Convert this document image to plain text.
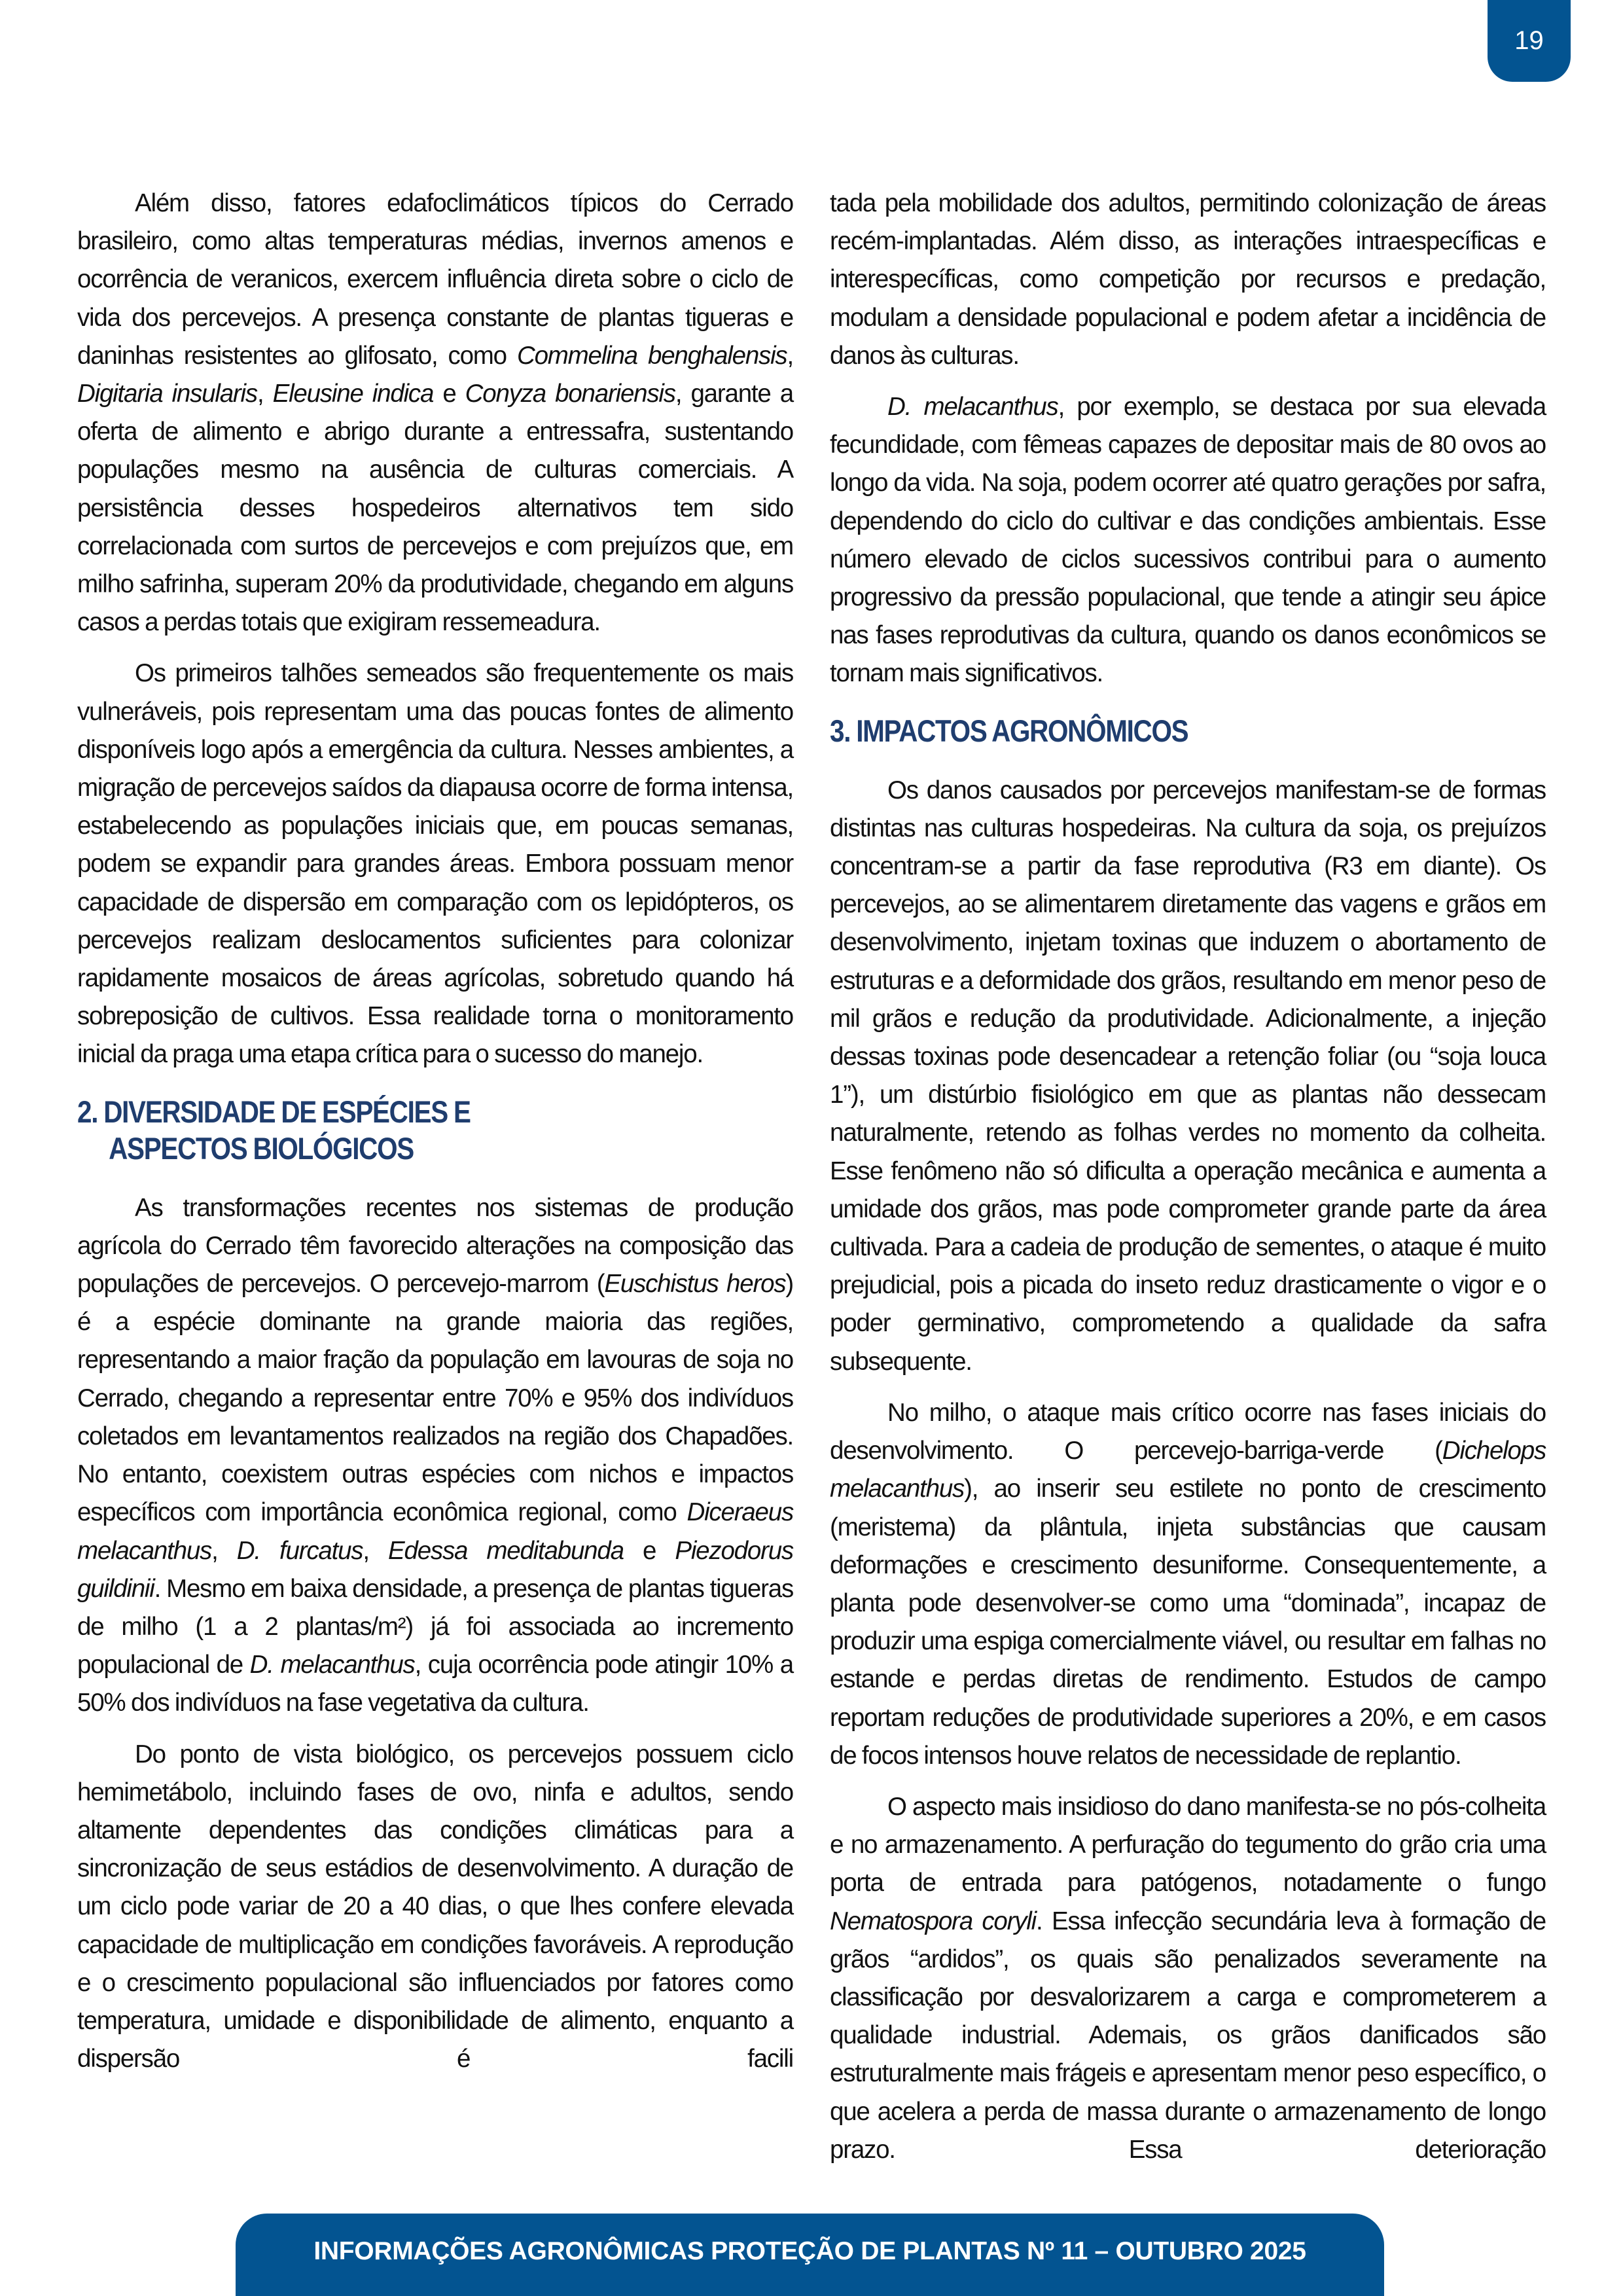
19

Além disso, fatores edafoclimáticos típicos do Cerrado brasileiro, como altas temperaturas médias, invernos amenos e ocorrência de veranicos, exercem influência direta sobre o ciclo de vida dos percevejos. A presença constante de plantas tigueras e daninhas resistentes ao glifosato, como Commelina benghalensis, Digitaria insularis, Eleusine indica e Conyza bonariensis, garante a oferta de alimento e abrigo durante a entressafra, sustentando populações mesmo na ausência de culturas comerciais. A persistência desses hospedeiros alternativos tem sido correlacionada com surtos de percevejos e com prejuízos que, em milho safrinha, superam 20% da produtividade, chegando em alguns casos a perdas totais que exigiram ressemeadura.

Os primeiros talhões semeados são frequentemente os mais vulneráveis, pois representam uma das poucas fontes de alimento disponíveis logo após a emergência da cultura. Nesses ambientes, a migração de percevejos saídos da diapausa ocorre de forma intensa, estabelecendo as populações iniciais que, em poucas semanas, podem se expandir para grandes áreas. Embora possuam menor capacidade de dispersão em comparação com os lepidópteros, os percevejos realizam deslocamentos suficientes para colonizar rapidamente mosaicos de áreas agrícolas, sobretudo quando há sobreposição de cultivos. Essa realidade torna o monitoramento inicial da praga uma etapa crítica para o sucesso do manejo.

2. DIVERSIDADE DE ESPÉCIES E
ASPECTOS BIOLÓGICOS

As transformações recentes nos sistemas de produção agrícola do Cerrado têm favorecido alterações na composição das populações de percevejos. O percevejo-marrom (Euschistus heros) é a espécie dominante na grande maioria das regiões, representando a maior fração da população em lavouras de soja no Cerrado, chegando a representar entre 70% e 95% dos indivíduos coletados em levantamentos realizados na região dos Chapadões. No entanto, coexistem outras espécies com nichos e impactos específicos com importância econômica regional, como Diceraeus melacanthus, D. furcatus, Edessa meditabunda e Piezodorus guildinii. Mesmo em baixa densidade, a presença de plantas tigueras de milho (1 a 2 plantas/m²) já foi associada ao incremento populacional de D. melacanthus, cuja ocorrência pode atingir 10% a 50% dos indivíduos na fase vegetativa da cultura.

Do ponto de vista biológico, os percevejos possuem ciclo hemimetábolo, incluindo fases de ovo, ninfa e adultos, sendo altamente dependentes das condições climáticas para a sincronização de seus estádios de desenvolvimento. A duração de um ciclo pode variar de 20 a 40 dias, o que lhes confere elevada capacidade de multiplicação em condições favoráveis. A reprodução e o crescimento populacional são influenciados por fatores como temperatura, umidade e disponibilidade de alimento, enquanto a dispersão é facili

tada pela mobilidade dos adultos, permitindo colonização de áreas recém-implantadas. Além disso, as interações intraespecíficas e interespecíficas, como competição por recursos e predação, modulam a densidade populacional e podem afetar a incidência de danos às culturas.

D. melacanthus, por exemplo, se destaca por sua elevada fecundidade, com fêmeas capazes de depositar mais de 80 ovos ao longo da vida. Na soja, podem ocorrer até quatro gerações por safra, dependendo do ciclo do cultivar e das condições ambientais. Esse número elevado de ciclos sucessivos contribui para o aumento progressivo da pressão populacional, que tende a atingir seu ápice nas fases reprodutivas da cultura, quando os danos econômicos se tornam mais significativos.

3. IMPACTOS AGRONÔMICOS

Os danos causados por percevejos manifestam-se de formas distintas nas culturas hospedeiras. Na cultura da soja, os prejuízos concentram-se a partir da fase reprodutiva (R3 em diante). Os percevejos, ao se alimentarem diretamente das vagens e grãos em desenvolvimento, injetam toxinas que induzem o abortamento de estruturas e a deformidade dos grãos, resultando em menor peso de mil grãos e redução da produtividade. Adicionalmente, a injeção dessas toxinas pode desencadear a retenção foliar (ou “soja louca 1”), um distúrbio fisiológico em que as plantas não dessecam naturalmente, retendo as folhas verdes no momento da colheita. Esse fenômeno não só dificulta a operação mecânica e aumenta a umidade dos grãos, mas pode comprometer grande parte da área cultivada. Para a cadeia de produção de sementes, o ataque é muito prejudicial, pois a picada do inseto reduz drasticamente o vigor e o poder germinativo, comprometendo a qualidade da safra subsequente.

No milho, o ataque mais crítico ocorre nas fases iniciais do desenvolvimento. O percevejo-barriga-verde (Dichelops melacanthus), ao inserir seu estilete no ponto de crescimento (meristema) da plântula, injeta substâncias que causam deformações e crescimento desuniforme. Consequentemente, a planta pode desenvolver-se como uma “dominada”, incapaz de produzir uma espiga comercialmente viável, ou resultar em falhas no estande e perdas diretas de rendimento. Estudos de campo reportam reduções de produtividade superiores a 20%, e em casos de focos intensos houve relatos de necessidade de replantio.

O aspecto mais insidioso do dano manifesta-se no pós-colheita e no armazenamento. A perfuração do tegumento do grão cria uma porta de entrada para patógenos, notadamente o fungo Nematospora coryli. Essa infecção secundária leva à formação de grãos “ardidos”, os quais são penalizados severamente na classificação por desvalorizarem a carga e comprometerem a qualidade industrial. Ademais, os grãos danificados são estruturalmente mais frágeis e apresentam menor peso específico, o que acelera a perda de massa durante o armazenamento de longo prazo. Essa deterioração

INFORMAÇÕES AGRONÔMICAS PROTEÇÃO DE PLANTAS Nº 11 – OUTUBRO 2025
